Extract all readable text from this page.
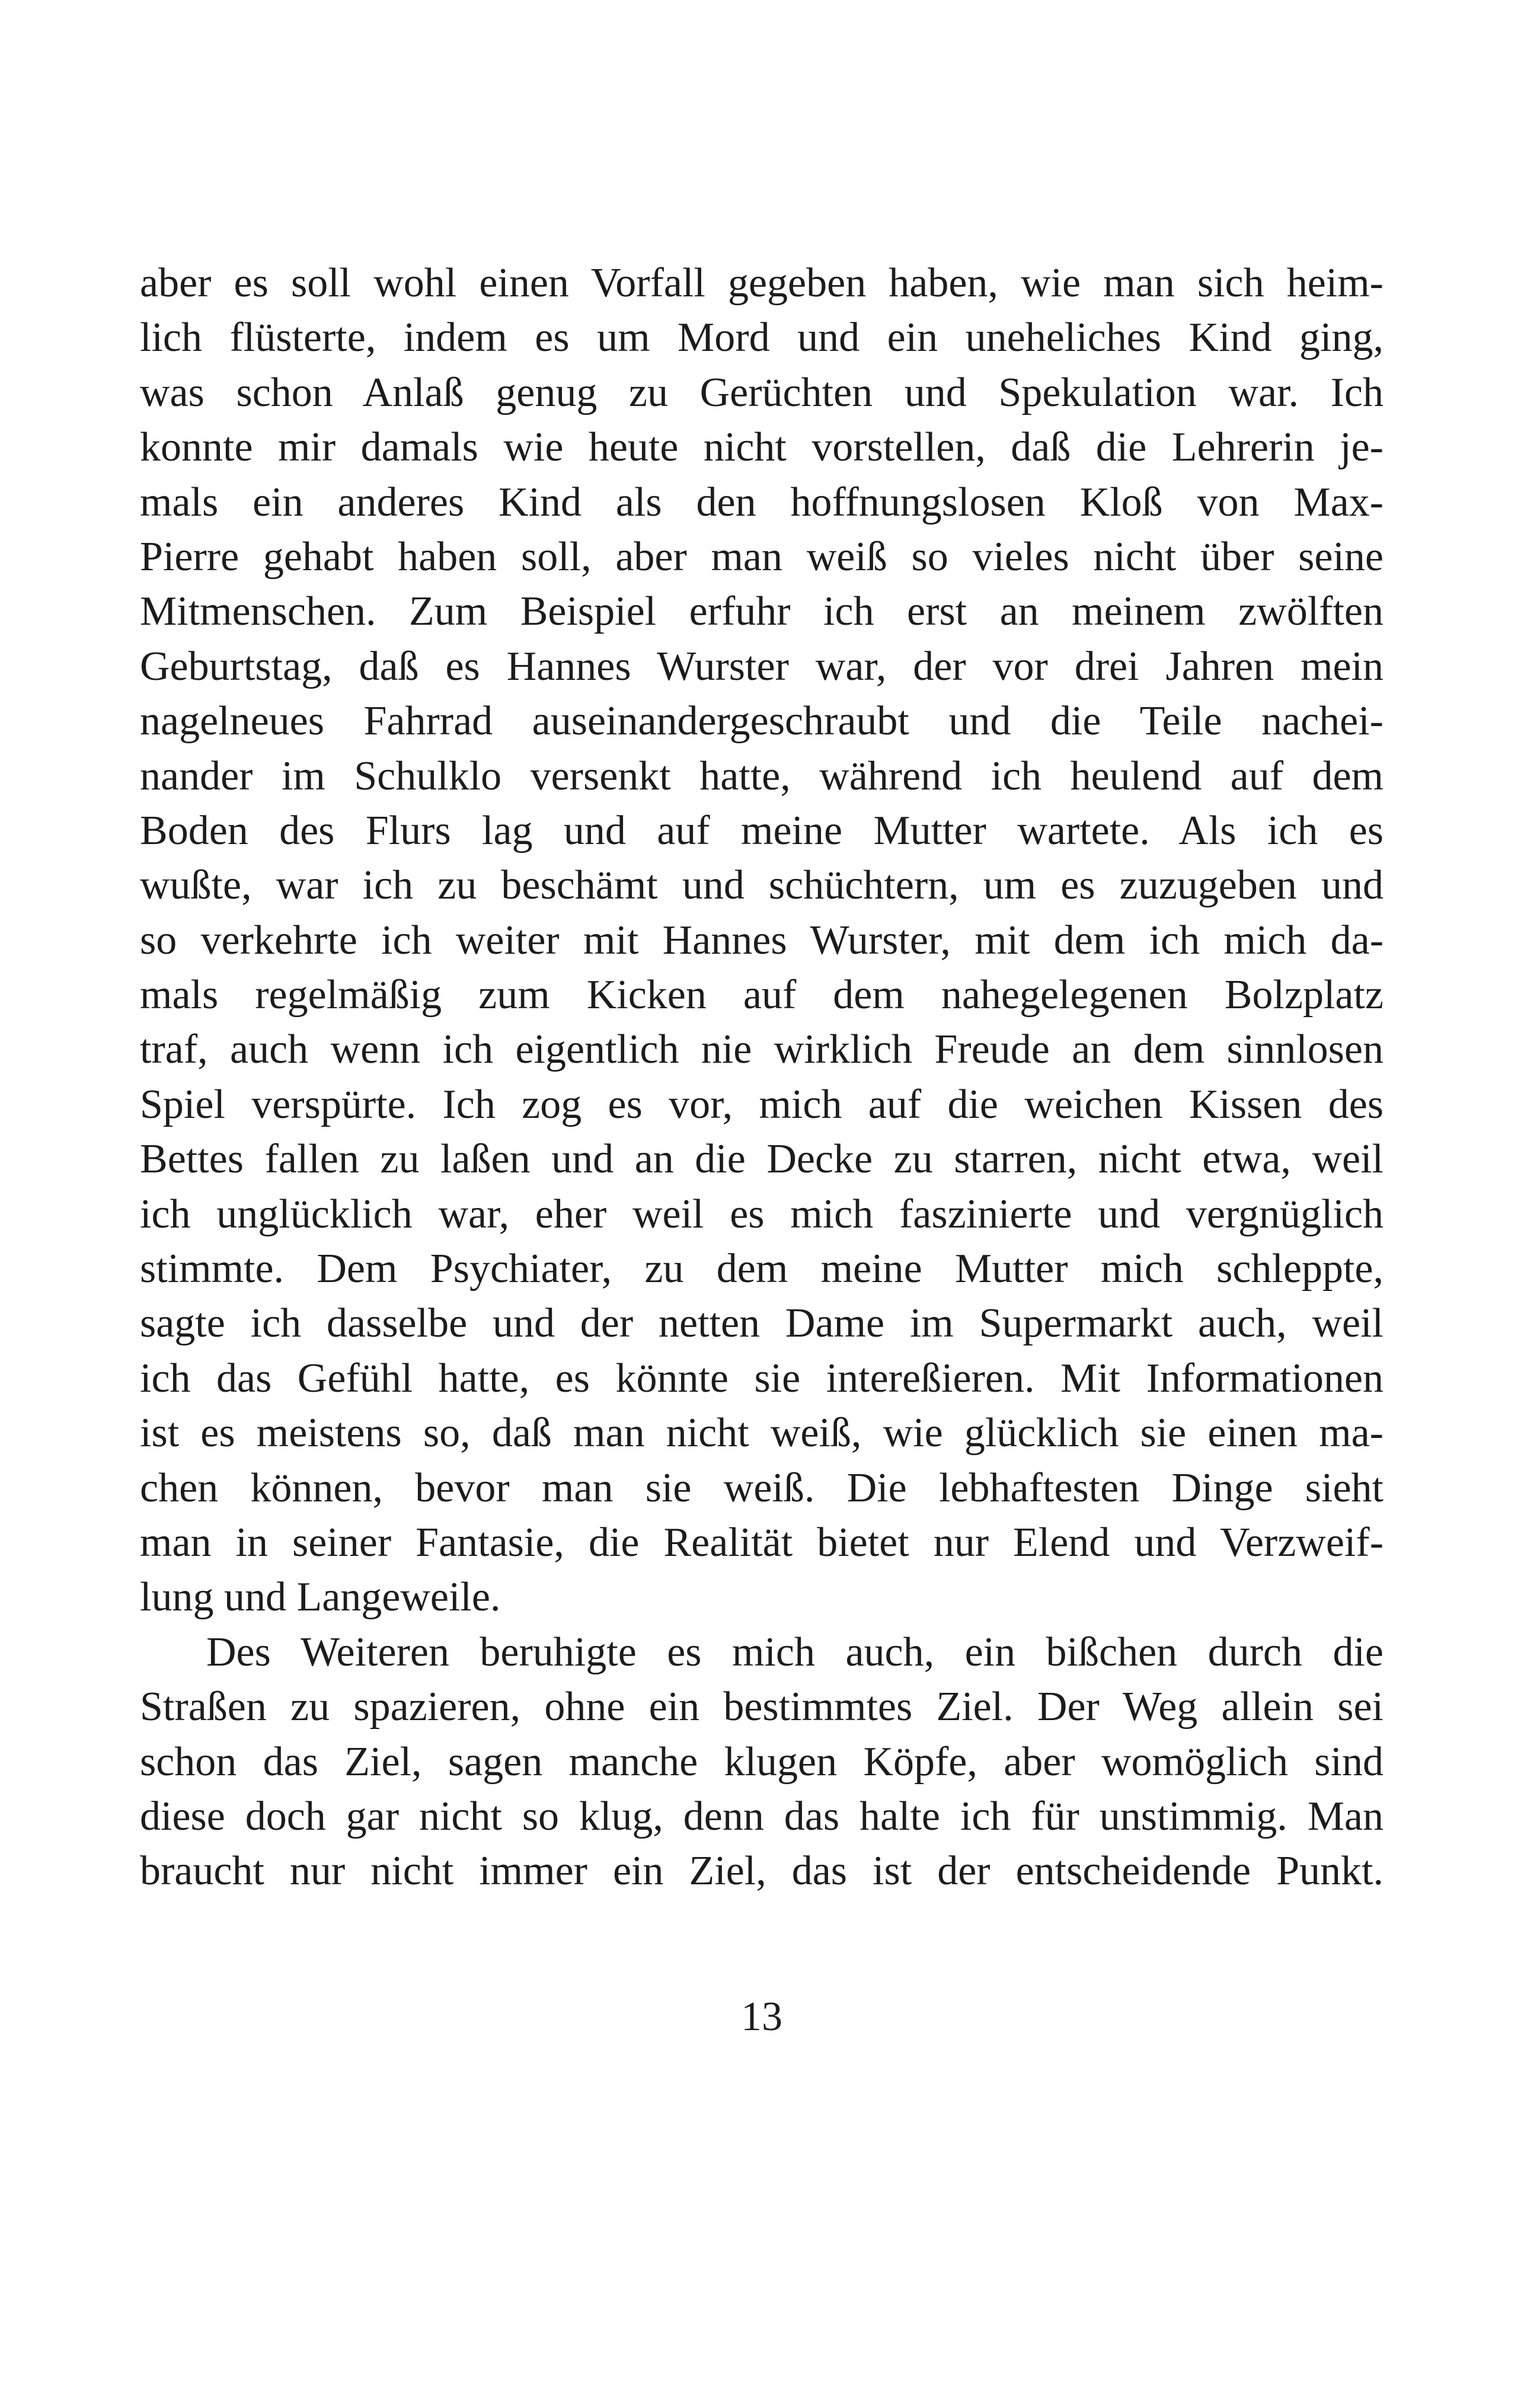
aber es soll wohl einen Vorfall gegeben haben, wie man sich heim-
lich flüsterte, indem es um Mord und ein uneheliches Kind ging,
was schon Anlaß genug zu Gerüchten und Spekulation war. Ich
konnte mir damals wie heute nicht vorstellen, daß die Lehrerin je-
mals ein anderes Kind als den hoffnungslosen Kloß von Max-
Pierre gehabt haben soll, aber man weiß so vieles nicht über seine
Mitmenschen. Zum Beispiel erfuhr ich erst an meinem zwölften
Geburtstag, daß es Hannes Wurster war, der vor drei Jahren mein
nagelneues Fahrrad auseinandergeschraubt und die Teile nachei-
nander im Schulklo versenkt hatte, während ich heulend auf dem
Boden des Flurs lag und auf meine Mutter wartete. Als ich es
wußte, war ich zu beschämt und schüchtern, um es zuzugeben und
so verkehrte ich weiter mit Hannes Wurster, mit dem ich mich da-
mals regelmäßig zum Kicken auf dem nahegelegenen Bolzplatz
traf, auch wenn ich eigentlich nie wirklich Freude an dem sinnlosen
Spiel verspürte. Ich zog es vor, mich auf die weichen Kissen des
Bettes fallen zu laßen und an die Decke zu starren, nicht etwa, weil
ich unglücklich war, eher weil es mich faszinierte und vergnüglich
stimmte. Dem Psychiater, zu dem meine Mutter mich schleppte,
sagte ich dasselbe und der netten Dame im Supermarkt auch, weil
ich das Gefühl hatte, es könnte sie intereßieren. Mit Informationen
ist es meistens so, daß man nicht weiß, wie glücklich sie einen ma-
chen können, bevor man sie weiß. Die lebhaftesten Dinge sieht
man in seiner Fantasie, die Realität bietet nur Elend und Verzweif-
lung und Langeweile.
Des Weiteren beruhigte es mich auch, ein bißchen durch die
Straßen zu spazieren, ohne ein bestimmtes Ziel. Der Weg allein sei
schon das Ziel, sagen manche klugen Köpfe, aber womöglich sind
diese doch gar nicht so klug, denn das halte ich für unstimmig. Man
braucht nur nicht immer ein Ziel, das ist der entscheidende Punkt.
13
